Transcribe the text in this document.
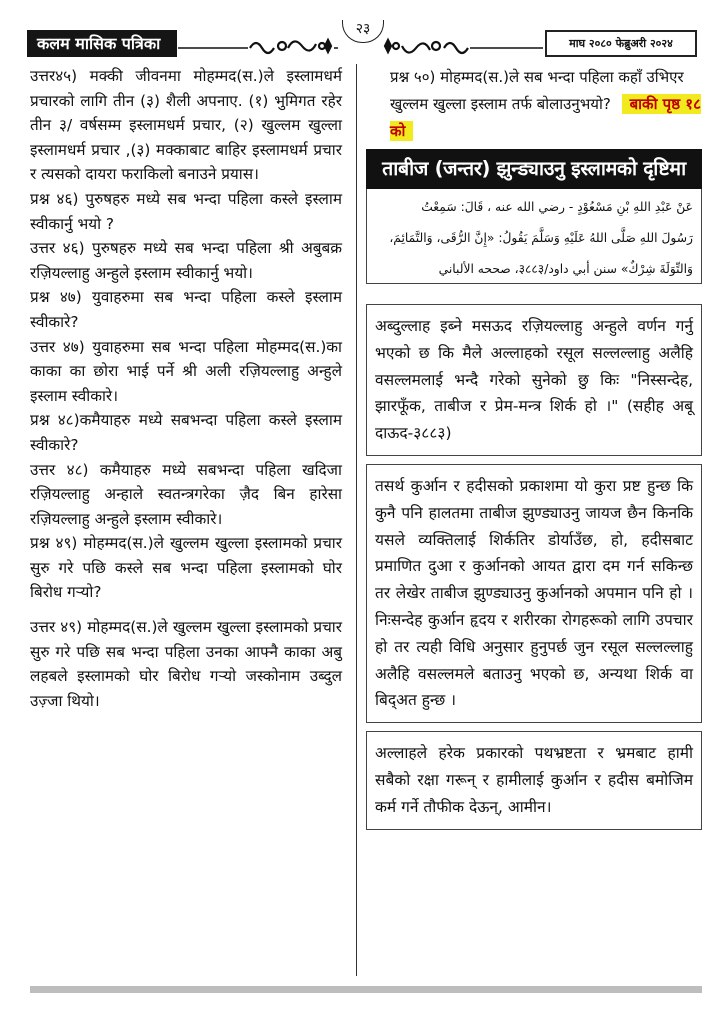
कलम मासिक पत्रिका
२३
माघ २०८० फेब्रुअरी २०२४

उत्तर४५) मक्की जीवनमा मोहम्मद(स.)ले इस्लामधर्म प्रचारको लागि तीन (३) शैली अपनाए. (१) भुमिगत रहेर तीन ३/ वर्षसम्म इस्लामधर्म प्रचार, (२) खुल्लम खुल्ला इस्लामधर्म प्रचार ,(३) मक्काबाट बाहिर इस्लामधर्म प्रचार र त्यसको दायरा फराकिलो बनाउने प्रयास।

प्रश्न ४६) पुरुषहरु मध्ये सब भन्दा पहिला कस्ले इस्लाम स्वीकार्नु भयो ?

उत्तर ४६) पुरुषहरु मध्ये सब भन्दा पहिला श्री अबुबक्र रज़ियल्लाहु अन्हुले इस्लाम स्वीकार्नु भयो।

प्रश्न ४७) युवाहरुमा सब भन्दा पहिला कस्ले इस्लाम स्वीकारे?

उत्तर ४७) युवाहरुमा सब भन्दा पहिला मोहम्मद(स.)का काका का छोरा भाई पर्ने श्री अली रज़ियल्लाहु अन्हुले इस्लाम स्वीकारे।

प्रश्न ४८)कमैयाहरु मध्ये सबभन्दा पहिला कस्ले इस्लाम स्वीकारे?

उत्तर ४८) कमैयाहरु मध्ये सबभन्दा पहिला खदिजा रज़ियल्लाहु अन्हाले स्वतन्त्रगरेका ज़ैद बिन हारेसा रज़ियल्लाहु अन्हुले इस्लाम स्वीकारे।

प्रश्न ४९) मोहम्मद(स.)ले खुल्लम खुल्ला इस्लामको प्रचार सुरु गरे पछि कस्ले सब भन्दा पहिला इस्लामको घोर बिरोध गऱ्यो?

उत्तर ४९) मोहम्मद(स.)ले खुल्लम खुल्ला इस्लामको प्रचार सुरु गरे पछि सब भन्दा पहिला उनका आफ्नै काका अबु लहबले इस्लामको घोर बिरोध गऱ्यो जस्कोनाम उब्दुल उज़्जा थियो।

प्रश्न ५०) मोहम्मद(स.)ले सब भन्दा पहिला कहाँ उभिएर खुल्लम खुल्ला इस्लाम तर्फ बोलाउनुभयो? बाकी पृष्ठ १८ को
ताबीज (जन्तर) झुन्ड्याउनु इस्लामको दृष्टिमा
عَنْ عَبْدِ اللهِ بْنِ مَسْعُوْدٍ - رضي الله عنه ، قَالَ: سَمِعْتُ
رَسُولَ اللهِ صَلَّى اللهُ عَلَيْهِ وَسَلَّمَ يَقُولُ: «إِنَّ الرُّقَى، وَالتَّمَائِمَ،
وَالتِّوَلَةَ شِرْكٌ» سنن أبي داود/३८८३، صححه الألباني

अब्दुल्लाह इब्ने मसऊद रज़ियल्लाहु अन्हुले वर्णन गर्नु भएको छ कि मैले अल्लाहको रसूल सल्लल्लाहु अलैहि वसल्लमलाई भन्दै गरेको सुनेको छु किः "निस्सन्देह, झारफूँक, ताबीज र प्रेम-मन्त्र शिर्क हो ।" (सहीह अबू दाऊद-३८८३)

तसर्थ कुर्आन र हदीसको प्रकाशमा यो कुरा प्रष्ट हुन्छ कि कुनै पनि हालतमा ताबीज झुण्ड्याउनु जायज छैन किनकि यसले व्यक्तिलाई शिर्कतिर डोर्याउँछ, हो, हदीसबाट प्रमाणित दुआ र कुर्आनको आयत द्वारा दम गर्न सकिन्छ तर लेखेर ताबीज झुण्ड्याउनु कुर्आनको अपमान पनि हो । निःसन्देह कुर्आन हृदय र शरीरका रोगहरूको लागि उपचार हो तर त्यही विधि अनुसार हुनुपर्छ जुन रसूल सल्लल्लाहु अलैहि वसल्लमले बताउनु भएको छ, अन्यथा शिर्क वा बिद्अत हुन्छ ।

अल्लाहले हरेक प्रकारको पथभ्रष्टता र भ्रमबाट हामी सबैको रक्षा गरून् र हामीलाई कुर्आन र हदीस बमोजिम कर्म गर्ने तौफीक देऊन्, आमीन।
